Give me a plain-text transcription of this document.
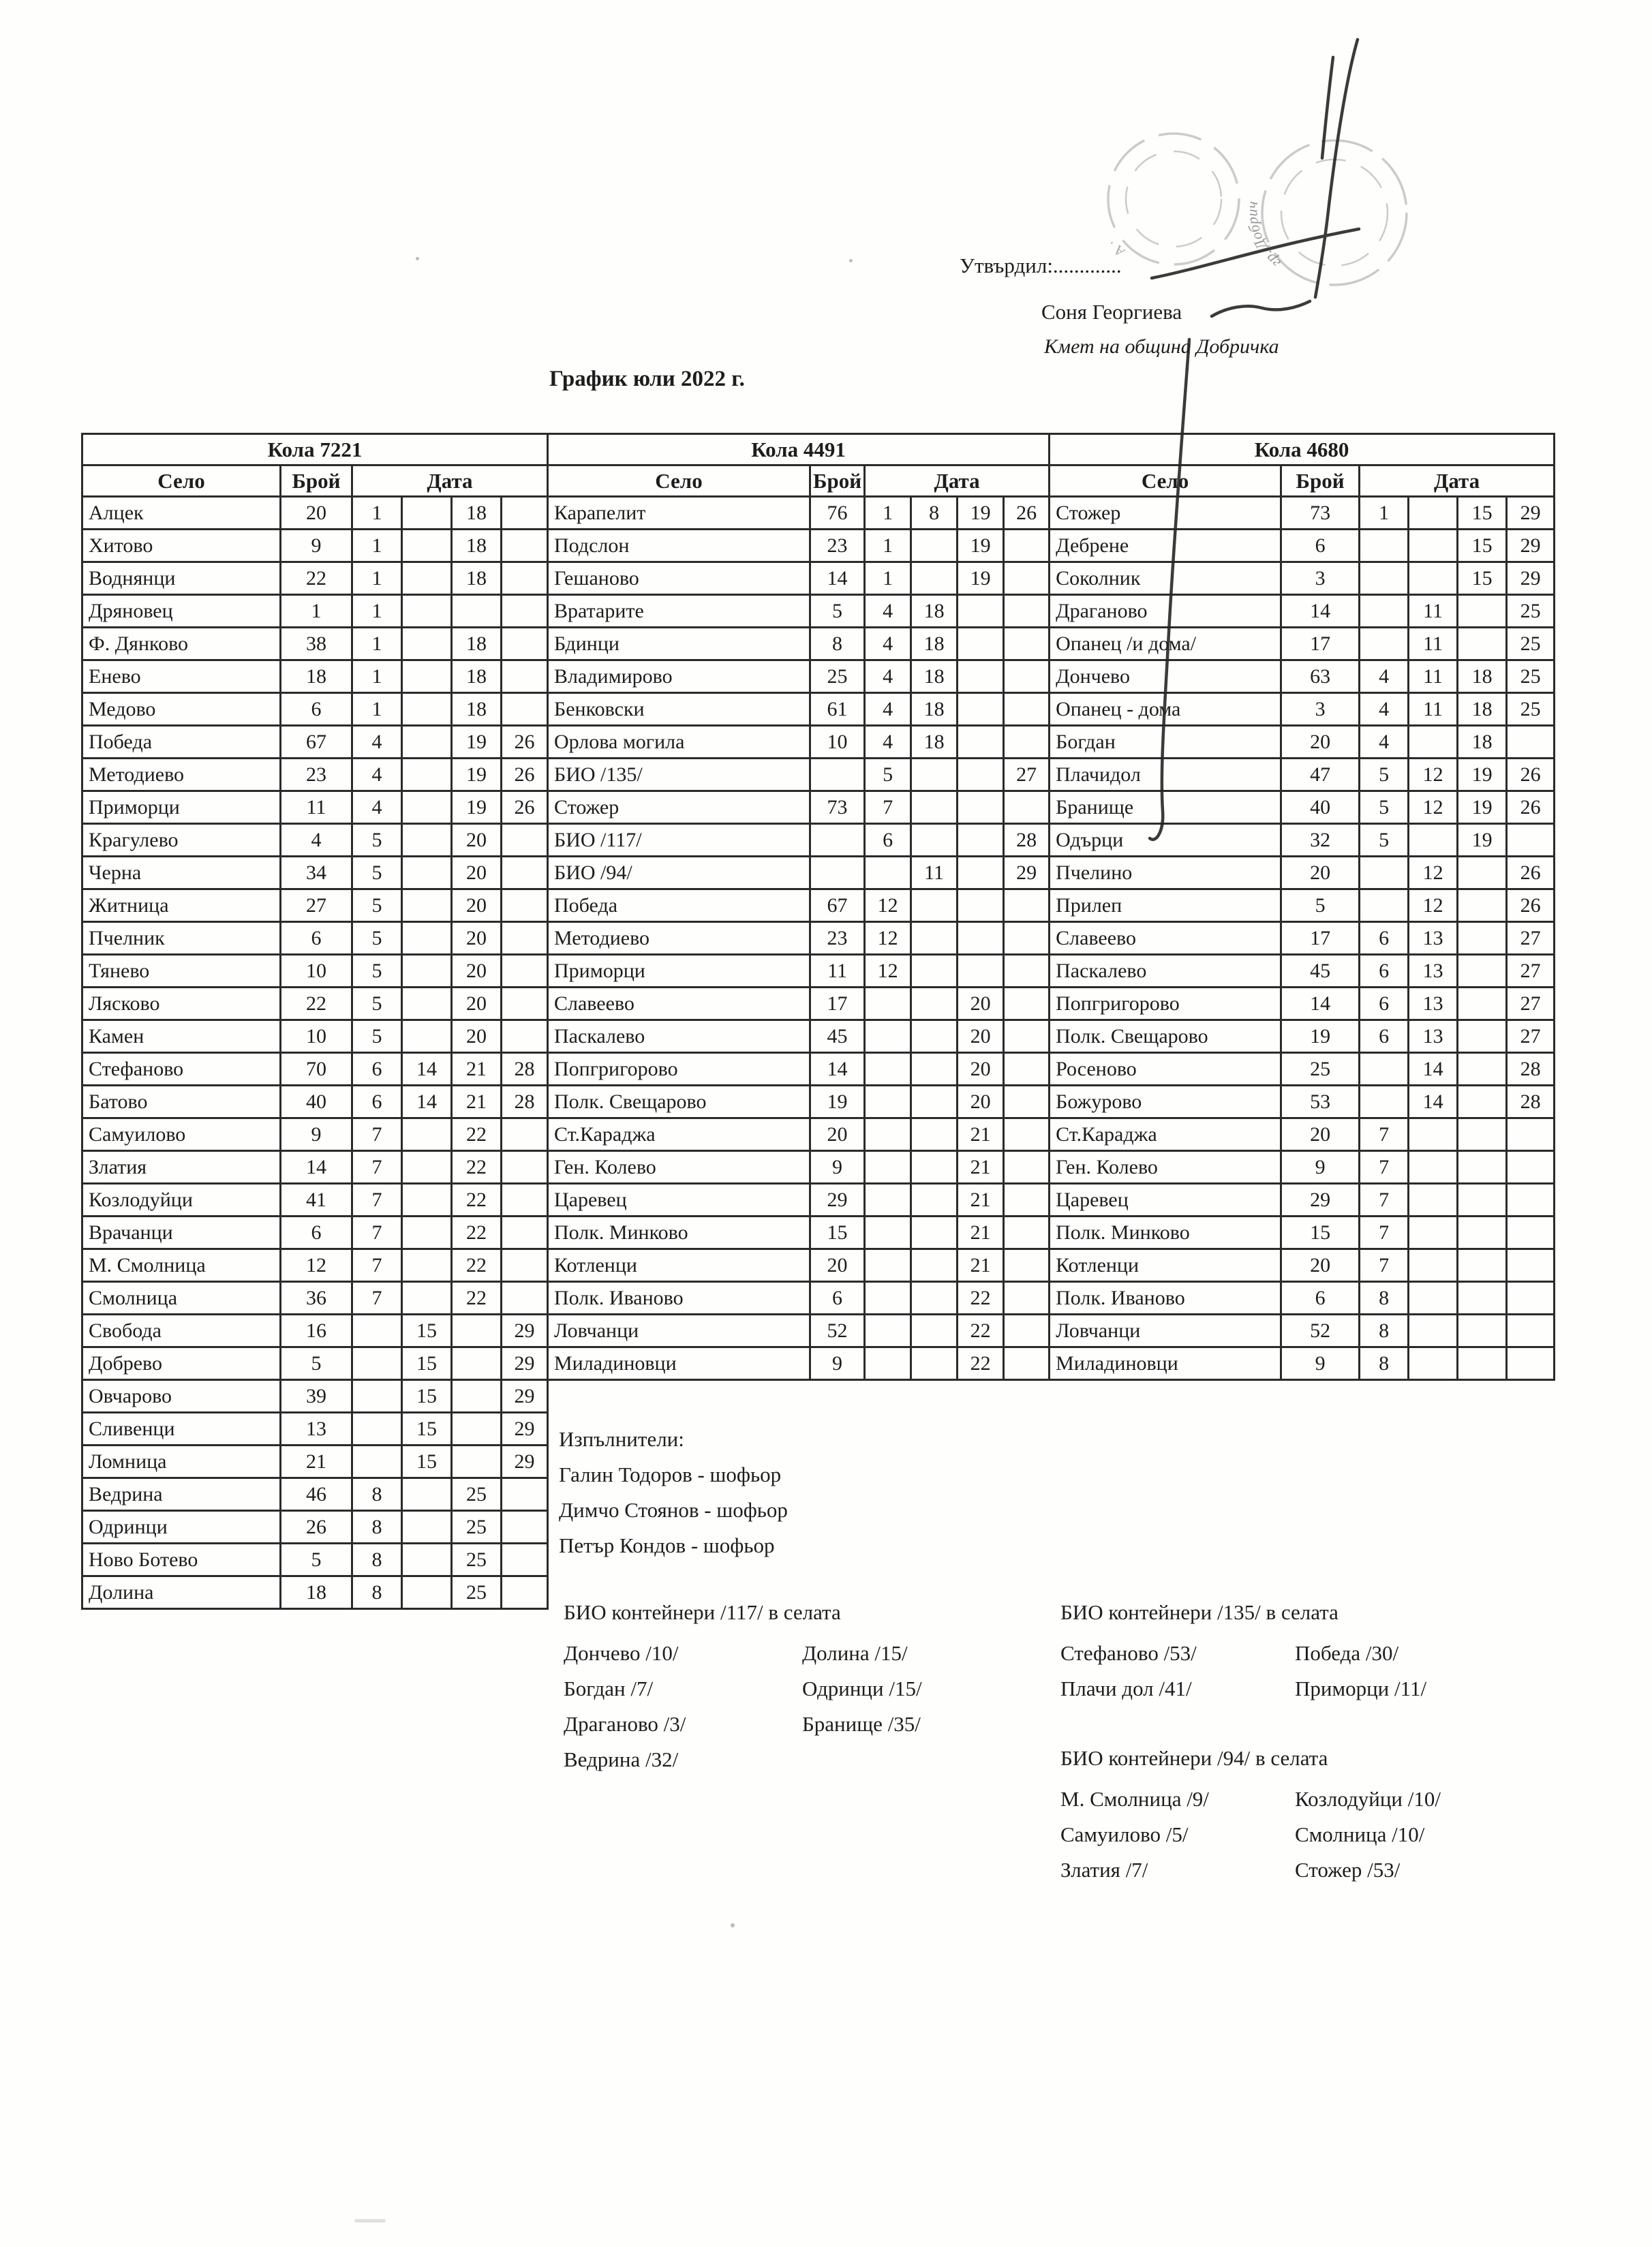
А ∙
гр. Добрич
Утвърдил:.............
Соня Георгиева
Кмет на община Добричка
График юли 2022 г.
Кола 7221					
Село	Брой	Дата			
Алцек	20	1		18	
Хитово	9	1		18	
Воднянци	22	1		18	
Дряновец	1	1			
Ф. Дянково	38	1		18	
Енево	18	1		18	
Медово	6	1		18	
Победа	67	4		19	26
Методиево	23	4		19	26
Приморци	11	4		19	26
Крагулево	4	5		20	
Черна	34	5		20	
Житница	27	5		20	
Пчелник	6	5		20	
Тянево	10	5		20	
Лясково	22	5		20	
Камен	10	5		20	
Стефаново	70	6	14	21	28
Батово	40	6	14	21	28
Самуилово	9	7		22	
Златия	14	7		22	
Козлодуйци	41	7		22	
Врачанци	6	7		22	
М. Смолница	12	7		22	
Смолница	36	7		22	
Свобода	16		15		29
Добрево	5		15		29
Овчарово	39		15		29
Сливенци	13		15		29
Ломница	21		15		29
Ведрина	46	8		25	
Одринци	26	8		25	
Ново Ботево	5	8		25	
Долина	18	8		25	
Кола 4491					
Село	Брой	Дата			
Карапелит	76	1	8	19	26
Подслон	23	1		19	
Гешаново	14	1		19	
Вратарите	5	4	18		
Бдинци	8	4	18		
Владимирово	25	4	18		
Бенковски	61	4	18		
Орлова могила	10	4	18		
БИО /135/		5			27
Стожер	73	7			
БИО /117/		6			28
БИО /94/			11		29
Победа	67	12			
Методиево	23	12			
Приморци	11	12			
Славеево	17			20	
Паскалево	45			20	
Попгригорово	14			20	
Полк. Свещарово	19			20	
Ст.Караджа	20			21	
Ген. Колево	9			21	
Царевец	29			21	
Полк. Минково	15			21	
Котленци	20			21	
Полк. Иваново	6			22	
Ловчанци	52			22	
Миладиновци	9			22	
Кола 4680					
Село	Брой	Дата			
Стожер	73	1		15	29
Дебрене	6			15	29
Соколник	3			15	29
Драганово	14		11		25
Опанец /и дома/	17		11		25
Дончево	63	4	11	18	25
Опанец - дома	3	4	11	18	25
Богдан	20	4		18	
Плачидол	47	5	12	19	26
Бранище	40	5	12	19	26
Одърци	32	5		19	
Пчелино	20		12		26
Прилеп	5		12		26
Славеево	17	6	13		27
Паскалево	45	6	13		27
Попгригорово	14	6	13		27
Полк. Свещарово	19	6	13		27
Росеново	25		14		28
Божурово	53		14		28
Ст.Караджа	20	7			
Ген. Колево	9	7			
Царевец	29	7			
Полк. Минково	15	7			
Котленци	20	7			
Полк. Иваново	6	8			
Ловчанци	52	8			
Миладиновци	9	8			
Изпълнители:
Галин Тодоров - шофьор
Димчо Стоянов - шофьор
Петър Кондов - шофьор
БИО контейнери /117/ в селата
Дончево /10/	Долина /15/
Богдан /7/	Одринци /15/
Драганово /3/	Бранище /35/
Ведрина /32/
БИО контейнери /135/ в селата
Стефаново /53/	Победа /30/
Плачи дол /41/	Приморци /11/
БИО контейнери /94/ в селата
М. Смолница /9/	Козлодуйци /10/
Самуилово /5/	Смолница /10/
Златия /7/	Стожер /53/
